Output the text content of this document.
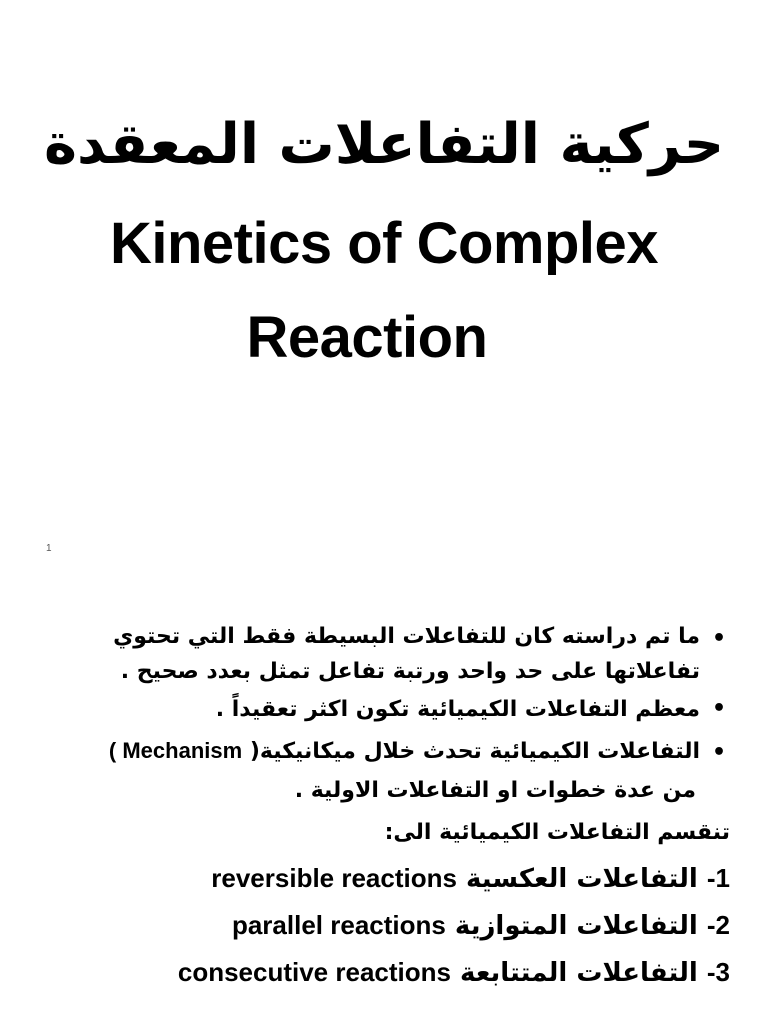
حركية التفاعلات المعقدة
Kinetics of Complex
Reaction
1
•
ما تم دراسته كان للتفاعلات البسيطة فقط التي تحتوي
تفاعلاتها على حد واحد ورتبة تفاعل تمثل بعدد صحيح .
•
معظم التفاعلات الكيميائية تكون اكثر تعقيداً .
•
التفاعلات الكيميائية تحدث خلال ميكانيكية( Mechanism )
من عدة خطوات او التفاعلات الاولية .
تنقسم التفاعلات الكيميائية الى:
1- التفاعلات العكسية reversible reactions
2- التفاعلات المتوازية parallel reactions
3- التفاعلات المتتابعة consecutive reactions
